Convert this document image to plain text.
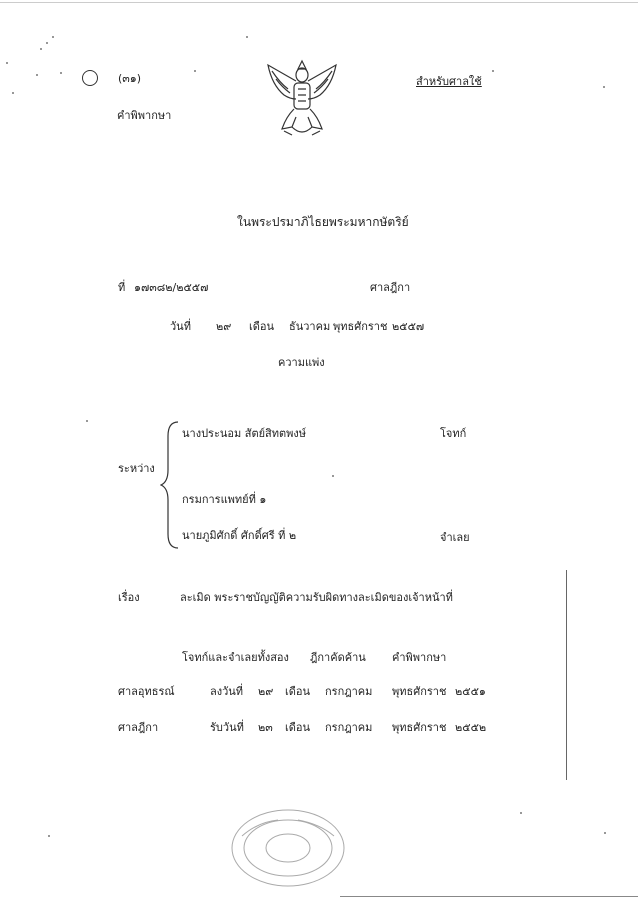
(๓๑)
คำพิพากษา
สำหรับศาลใช้
ในพระปรมาภิไธยพระมหากษัตริย์
ที่ ๑๗๓๘๒/๒๕๕๗	ศาลฎีกา
วันที่ ๒๙ เดือน ธันวาคม พุทธศักราช ๒๕๕๗
ความแพ่ง
ระหว่าง
นางประนอม สัตย์สิทตพงษ์	โจทก์
กรมการแพทย์ที่ ๑
นายภูมิศักดิ์ ศักดิ์ศรี ที่ ๒	จำเลย
เรื่อง	ละเมิด พระราชบัญญัติความรับผิดทางละเมิดของเจ้าหน้าที่
โจทก์และจำเลยทั้งสอง ฎีกาคัดค้าน คำพิพากษา
ศาลอุทธรณ์	ลงวันที่ ๒๙ เดือน กรกฎาคม พุทธศักราช ๒๕๕๑
ศาลฎีกา	รับวันที่ ๒๓ เดือน กรกฎาคม พุทธศักราช ๒๕๕๒
